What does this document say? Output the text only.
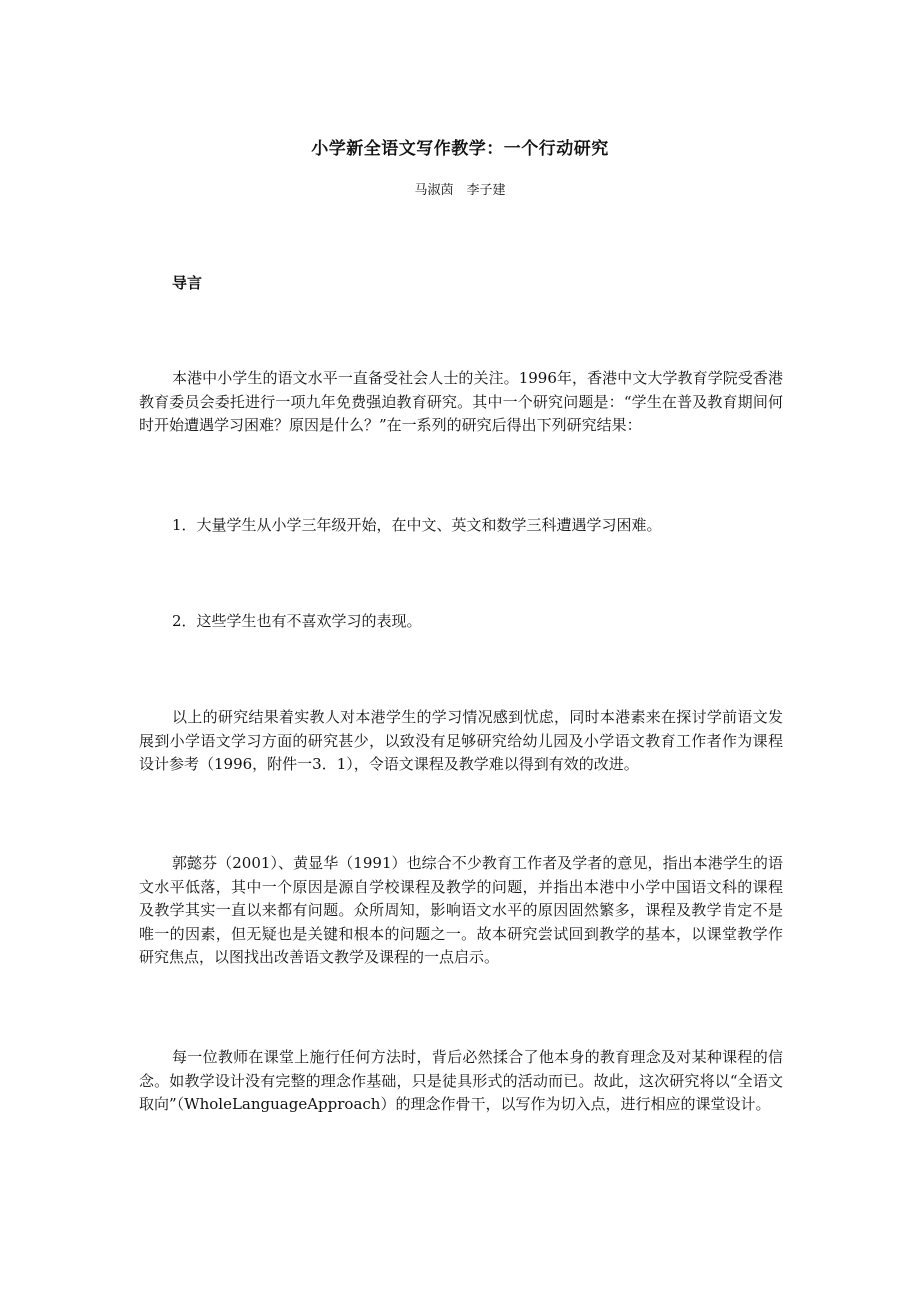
小学新全语文写作教学：一个行动研究
马淑茵　李子建
导言

本港中小学生的语文水平一直备受社会人士的关注。1996年，香港中文大学教育学院受香港教育委员会委托进行一项九年免费强迫教育研究。其中一个研究问题是：“学生在普及教育期间何时开始遭遇学习困难？原因是什么？”在一系列的研究后得出下列研究结果：

1．大量学生从小学三年级开始，在中文、英文和数学三科遭遇学习困难。

2．这些学生也有不喜欢学习的表现。

以上的研究结果着实教人对本港学生的学习情况感到忧虑，同时本港素来在探讨学前语文发展到小学语文学习方面的研究甚少，以致没有足够研究给幼儿园及小学语文教育工作者作为课程设计参考（1996，附件一3．1），令语文课程及教学难以得到有效的改进。

郭懿芬（2001）、黄显华（1991）也综合不少教育工作者及学者的意见，指出本港学生的语文水平低落，其中一个原因是源自学校课程及教学的问题，并指出本港中小学中国语文科的课程及教学其实一直以来都有问题。众所周知，影响语文水平的原因固然繁多，课程及教学肯定不是唯一的因素，但无疑也是关键和根本的问题之一。故本研究尝试回到教学的基本，以课堂教学作研究焦点，以图找出改善语文教学及课程的一点启示。

每一位教师在课堂上施行任何方法时，背后必然揉合了他本身的教育理念及对某种课程的信念。如教学设计没有完整的理念作基础，只是徒具形式的活动而已。故此，这次研究将以“全语文取向”（WholeLanguageApproach）的理念作骨干，以写作为切入点，进行相应的课堂设计。
